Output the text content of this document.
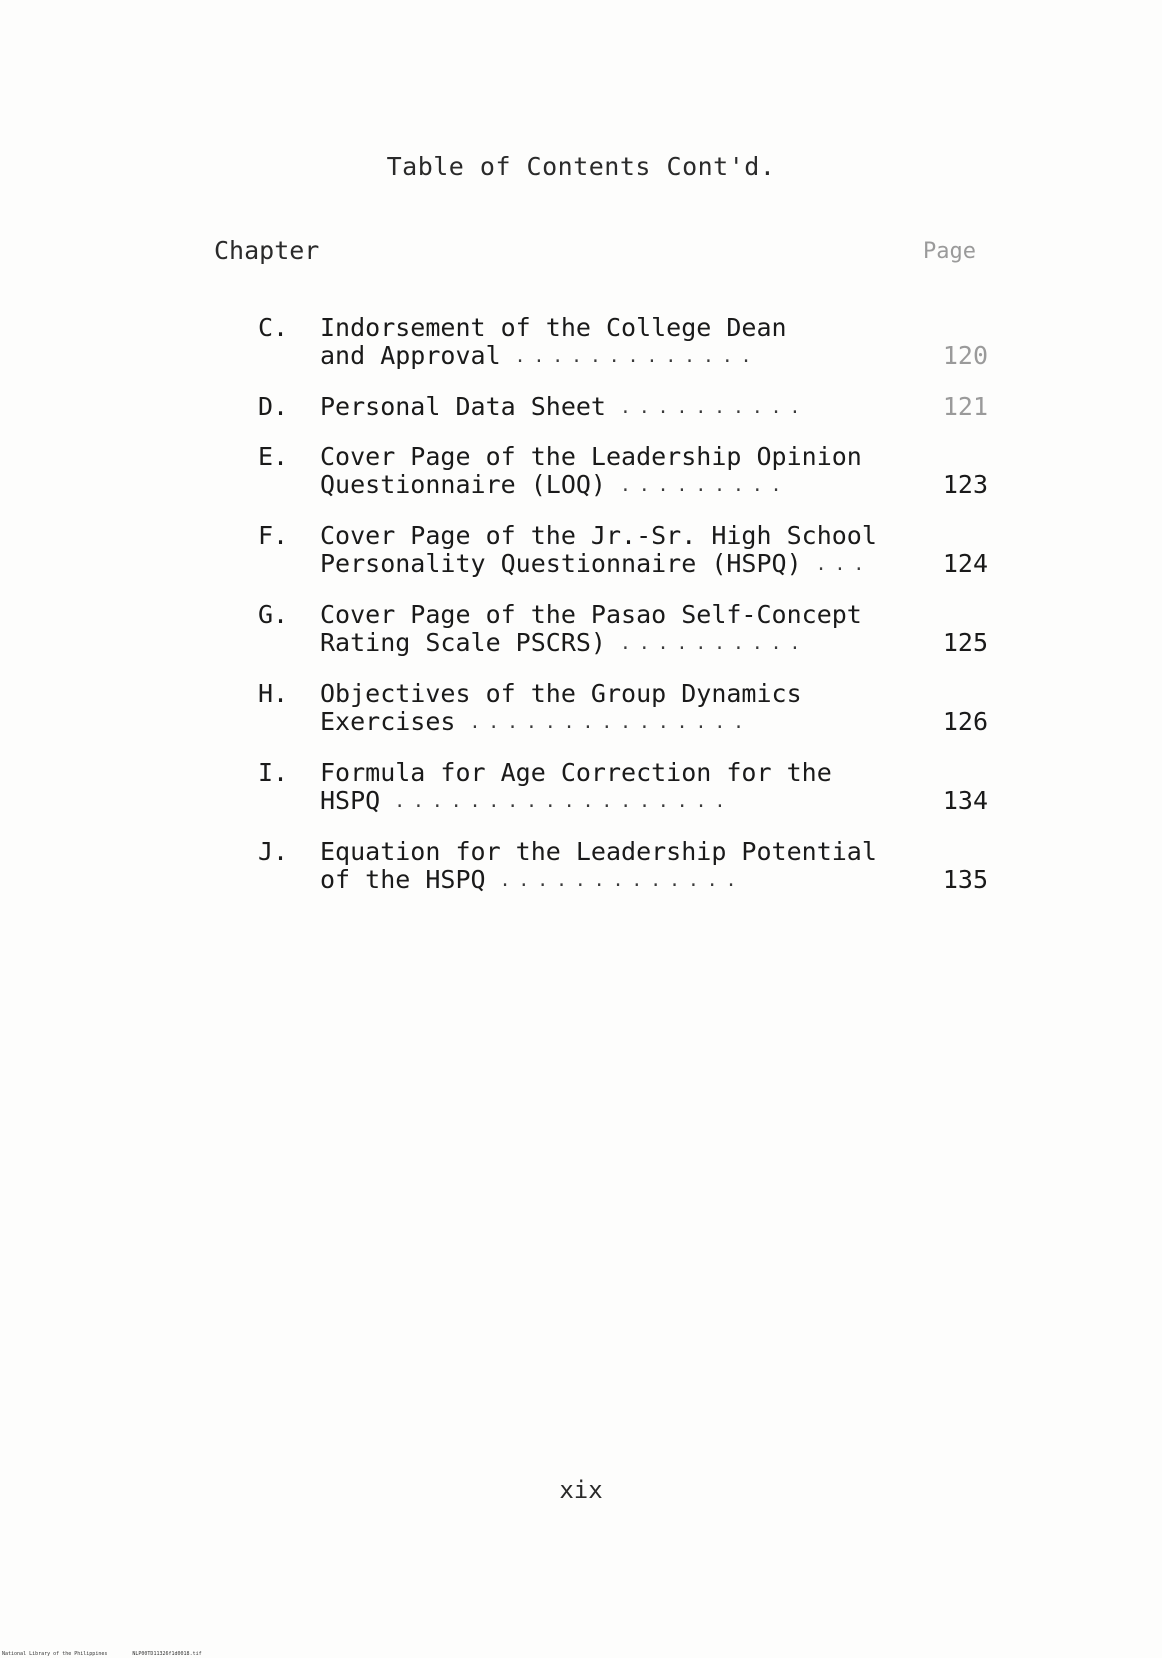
Table of Contents Cont'd.
Chapter	Page
C. Indorsement of the College Dean
and Approval .............	120
D. Personal Data Sheet ..........	121
E. Cover Page of the Leadership Opinion
Questionnaire (LOQ) .........	123
F. Cover Page of the Jr.-Sr. High School
Personality Questionnaire (HSPQ) ...	124
G. Cover Page of the Pasao Self-Concept
Rating Scale PSCRS) ..........	125
H. Objectives of the Group Dynamics
Exercises ...............	126
I. Formula for Age Correction for the
HSPQ ..................	134
J. Equation for the Leadership Potential
of the HSPQ .............	135
xix
National Library of the Philippines	NLP00TD11326f1d0018.tif
